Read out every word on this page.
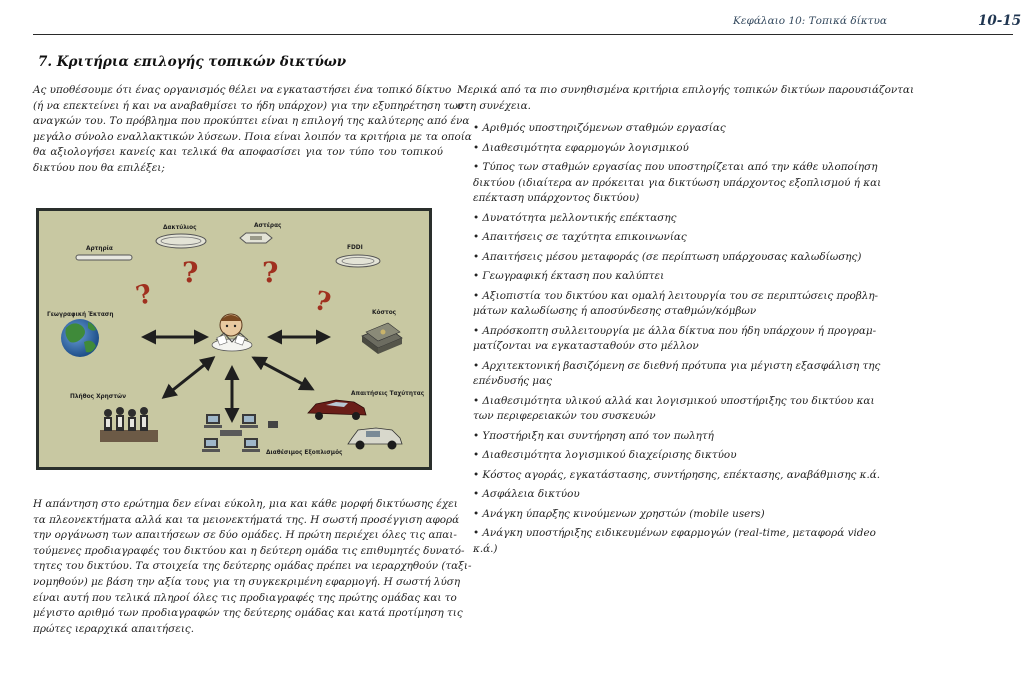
Κεφάλαιο 10: Τοπικά δίκτυα	10-15
7. Κριτήρια επιλογής τοπικών δικτύων
Ας υποθέσουμε ότι ένας οργανισμός θέλει να εγκαταστήσει ένα τοπικό δίκτυο
(ή να επεκτείνει ή και να αναβαθμίσει το ήδη υπάρχον) για την εξυπηρέτηση των
αναγκών του. Το πρόβλημα που προκύπτει είναι η επιλογή της καλύτερης από ένα
μεγάλο σύνολο εναλλακτικών λύσεων. Ποια είναι λοιπόν τα κριτήρια με τα οποία
θα αξιολογήσει κανείς και τελικά θα αποφασίσει για τον τύπο του τοπικού
δικτύου που θα επιλέξει;
Αρτηρία
Δακτύλιος	Αστέρας
FDDI
?
? ?
?
Γεωγραφική Έκταση	Κόστος
Πλήθος Χρηστών
Διαθέσιμος Εξοπλισμός
Απαιτήσεις Ταχύτητας
Η απάντηση στο ερώτημα δεν είναι εύκολη, μια και κάθε μορφή δικτύωσης έχει
τα πλεονεκτήματα αλλά και τα μειονεκτήματά της. Η σωστή προσέγγιση αφορά
την οργάνωση των απαιτήσεων σε δύο ομάδες. Η πρώτη περιέχει όλες τις απαι-
τούμενες προδιαγραφές του δικτύου και η δεύτερη ομάδα τις επιθυμητές δυνατό-
τητες του δικτύου. Τα στοιχεία της δεύτερης ομάδας πρέπει να ιεραρχηθούν (ταξι-
νομηθούν) με βάση την αξία τους για τη συγκεκριμένη εφαρμογή. Η σωστή λύση
είναι αυτή που τελικά πληροί όλες τις προδιαγραφές της πρώτης ομάδας και το
μέγιστο αριθμό των προδιαγραφών της δεύτερης ομάδας και κατά προτίμηση τις
πρώτες ιεραρχικά απαιτήσεις.
Μερικά από τα πιο συνηθισμένα κριτήρια επιλογής τοπικών δικτύων παρουσιάζονται
στη συνέχεια.
• Αριθμός υποστηριζόμενων σταθμών εργασίας
• Διαθεσιμότητα εφαρμογών λογισμικού
• Τύπος των σταθμών εργασίας που υποστηρίζεται από την κάθε υλοποίηση
δικτύου (ιδιαίτερα αν πρόκειται για δικτύωση υπάρχοντος εξοπλισμού ή και
επέκταση υπάρχοντος δικτύου)
• Δυνατότητα μελλοντικής επέκτασης
• Απαιτήσεις σε ταχύτητα επικοινωνίας
• Απαιτήσεις μέσου μεταφοράς (σε περίπτωση υπάρχουσας καλωδίωσης)
• Γεωγραφική έκταση που καλύπτει
• Αξιοπιστία του δικτύου και ομαλή λειτουργία του σε περιπτώσεις προβλη-
μάτων καλωδίωσης ή αποσύνδεσης σταθμών/κόμβων
• Απρόσκοπτη συλλειτουργία με άλλα δίκτυα που ήδη υπάρχουν ή προγραμ-
ματίζονται να εγκατασταθούν στο μέλλον
• Αρχιτεκτονική βασιζόμενη σε διεθνή πρότυπα για μέγιστη εξασφάλιση της
επένδυσής μας
• Διαθεσιμότητα υλικού αλλά και λογισμικού υποστήριξης του δικτύου και
των περιφερειακών του συσκευών
• Υποστήριξη και συντήρηση από τον πωλητή
• Διαθεσιμότητα λογισμικού διαχείρισης δικτύου
• Κόστος αγοράς, εγκατάστασης, συντήρησης, επέκτασης, αναβάθμισης κ.ά.
• Ασφάλεια δικτύου
• Ανάγκη ύπαρξης κινούμενων χρηστών (mobile users)
• Ανάγκη υποστήριξης ειδικευμένων εφαρμογών (real-time, μεταφορά video
κ.ά.)
